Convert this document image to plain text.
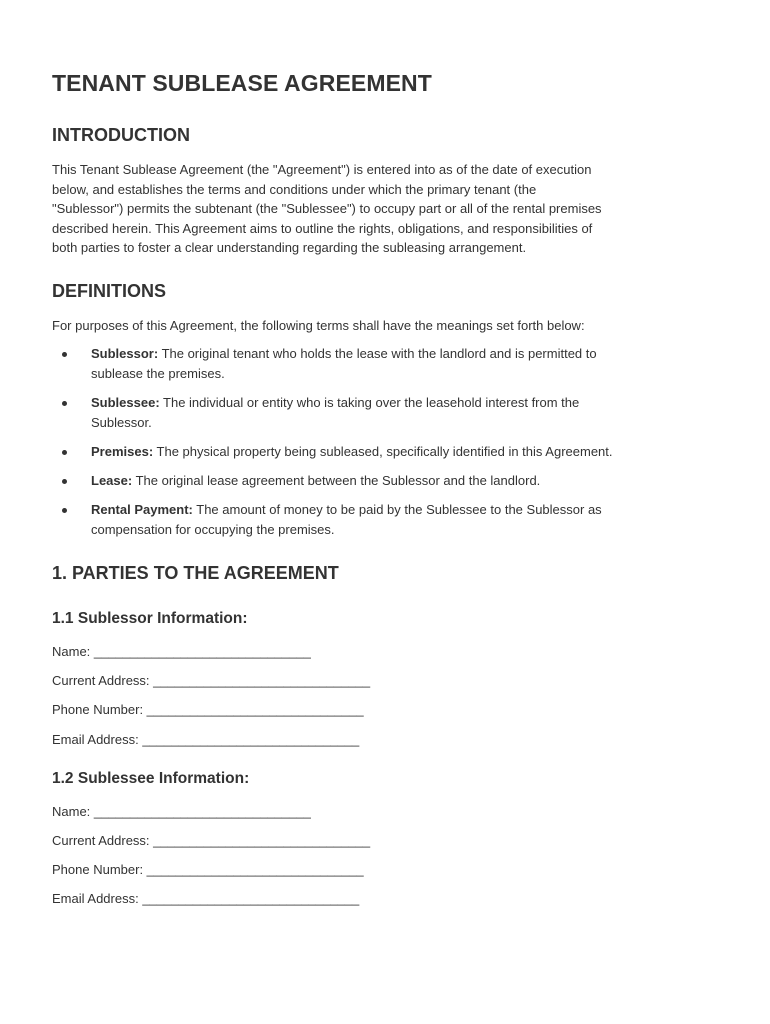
TENANT SUBLEASE AGREEMENT
INTRODUCTION
This Tenant Sublease Agreement (the "Agreement") is entered into as of the date of execution
below, and establishes the terms and conditions under which the primary tenant (the
"Sublessor") permits the subtenant (the "Sublessee") to occupy part or all of the rental premises
described herein. This Agreement aims to outline the rights, obligations, and responsibilities of
both parties to foster a clear understanding regarding the subleasing arrangement.
DEFINITIONS
For purposes of this Agreement, the following terms shall have the meanings set forth below:
Sublessor: The original tenant who holds the lease with the landlord and is permitted to
sublease the premises.
Sublessee: The individual or entity who is taking over the leasehold interest from the
Sublessor.
Premises: The physical property being subleased, specifically identified in this Agreement.
Lease: The original lease agreement between the Sublessor and the landlord.
Rental Payment: The amount of money to be paid by the Sublessee to the Sublessor as
compensation for occupying the premises.
1. PARTIES TO THE AGREEMENT
1.1 Sublessor Information:
Name: ______________________________
Current Address: ______________________________
Phone Number: ______________________________
Email Address: ______________________________
1.2 Sublessee Information:
Name: ______________________________
Current Address: ______________________________
Phone Number: ______________________________
Email Address: ______________________________
